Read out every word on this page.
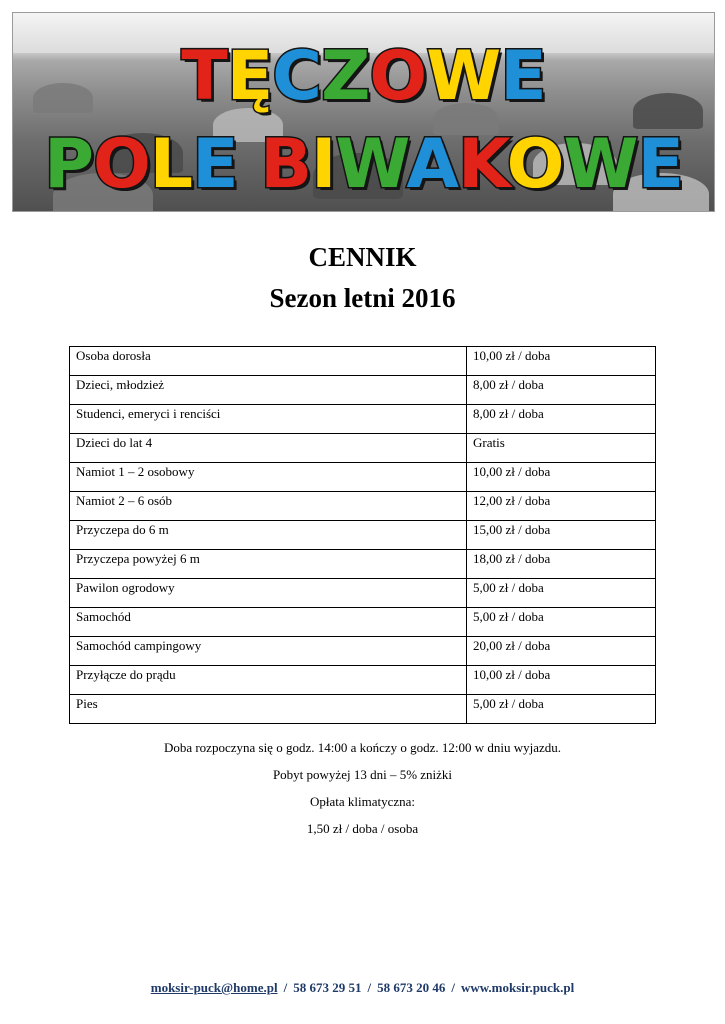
TĘCZOWE
POLE BIWAKOWE
CENNIK
Sezon letni 2016
Osoba dorosła	10,00 zł / doba
Dzieci, młodzież	8,00 zł / doba
Studenci, emeryci i renciści	8,00 zł / doba
Dzieci do lat 4	Gratis
Namiot 1 – 2 osobowy	10,00 zł / doba
Namiot 2 – 6 osób	12,00 zł / doba
Przyczepa do 6 m	15,00 zł / doba
Przyczepa powyżej 6 m	18,00 zł / doba
Pawilon ogrodowy	5,00 zł / doba
Samochód	5,00 zł / doba
Samochód campingowy	20,00 zł / doba
Przyłącze do prądu	10,00 zł / doba
Pies	5,00 zł / doba
Doba rozpoczyna się o godz. 14:00 a kończy o godz. 12:00 w dniu wyjazdu.
Pobyt powyżej 13 dni – 5% zniżki
Opłata klimatyczna:
1,50 zł / doba / osoba
moksir-puck@home.pl / 58 673 29 51 / 58 673 20 46 / www.moksir.puck.pl
